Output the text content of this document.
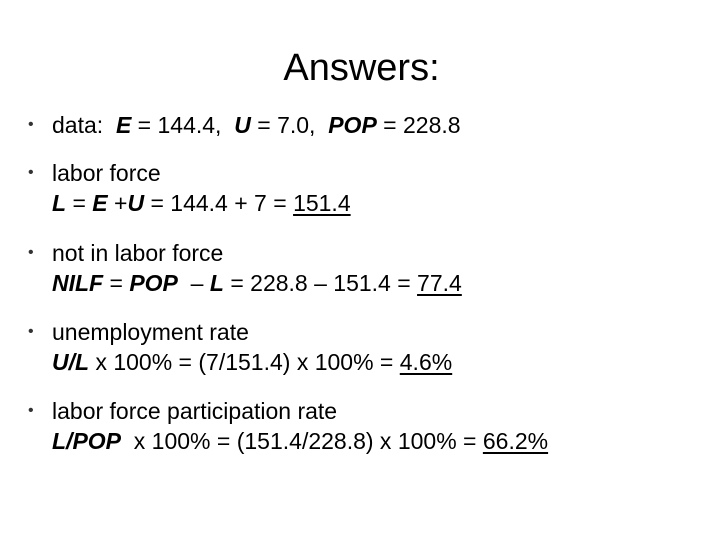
Answers:
• data:  E = 144.4,  U = 7.0,  POP = 228.8
• labor force
L = E +U = 144.4 + 7 = 151.4
• not in labor force
NILF = POP  – L = 228.8 – 151.4 = 77.4
• unemployment rate
U/L x 100% = (7/151.4) x 100% = 4.6%
• labor force participation rate
L/POP  x 100% = (151.4/228.8) x 100% = 66.2%
